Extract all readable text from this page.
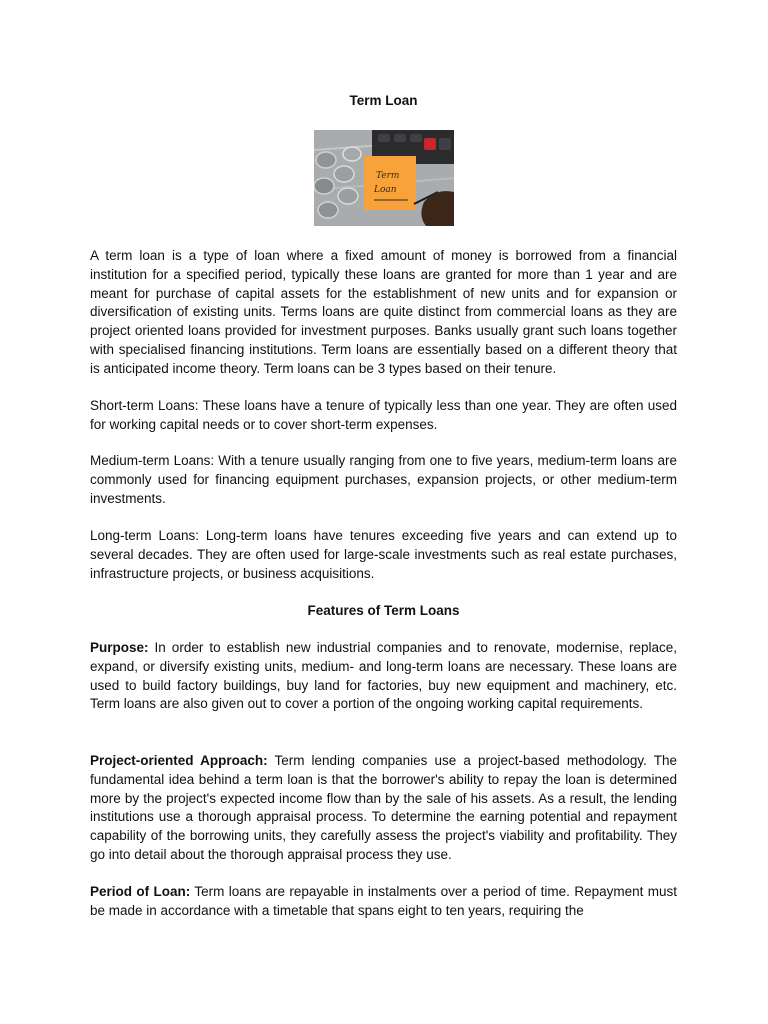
Term Loan
Term
Loan

A term loan is a type of loan where a fixed amount of money is borrowed from a financial institution for a specified period, typically these loans are granted for more than 1 year and are meant for purchase of capital assets for the establishment of new units and for expansion or diversification of existing units. Terms loans are quite distinct from commercial loans as they are project oriented loans provided for investment purposes. Banks usually grant such loans together with specialised financing institutions. Term loans are essentially based on a different theory that is anticipated income theory. Term loans can be 3 types based on their tenure.

Short-term Loans: These loans have a tenure of typically less than one year. They are often used for working capital needs or to cover short-term expenses.

Medium-term Loans: With a tenure usually ranging from one to five years, medium-term loans are commonly used for financing equipment purchases, expansion projects, or other medium-term investments.

Long-term Loans: Long-term loans have tenures exceeding five years and can extend up to several decades. They are often used for large-scale investments such as real estate purchases, infrastructure projects, or business acquisitions.

Features of Term Loans

Purpose: In order to establish new industrial companies and to renovate, modernise, replace, expand, or diversify existing units, medium- and long-term loans are necessary. These loans are used to build factory buildings, buy land for factories, buy new equipment and machinery, etc. Term loans are also given out to cover a portion of the ongoing working capital requirements.

Project-oriented Approach: Term lending companies use a project-based methodology. The fundamental idea behind a term loan is that the borrower's ability to repay the loan is determined more by the project's expected income flow than by the sale of his assets. As a result, the lending institutions use a thorough appraisal process. To determine the earning potential and repayment capability of the borrowing units, they carefully assess the project's viability and profitability. They go into detail about the thorough appraisal process they use.

Period of Loan: Term loans are repayable in instalments over a period of time. Repayment must be made in accordance with a timetable that spans eight to ten years, requiring the
